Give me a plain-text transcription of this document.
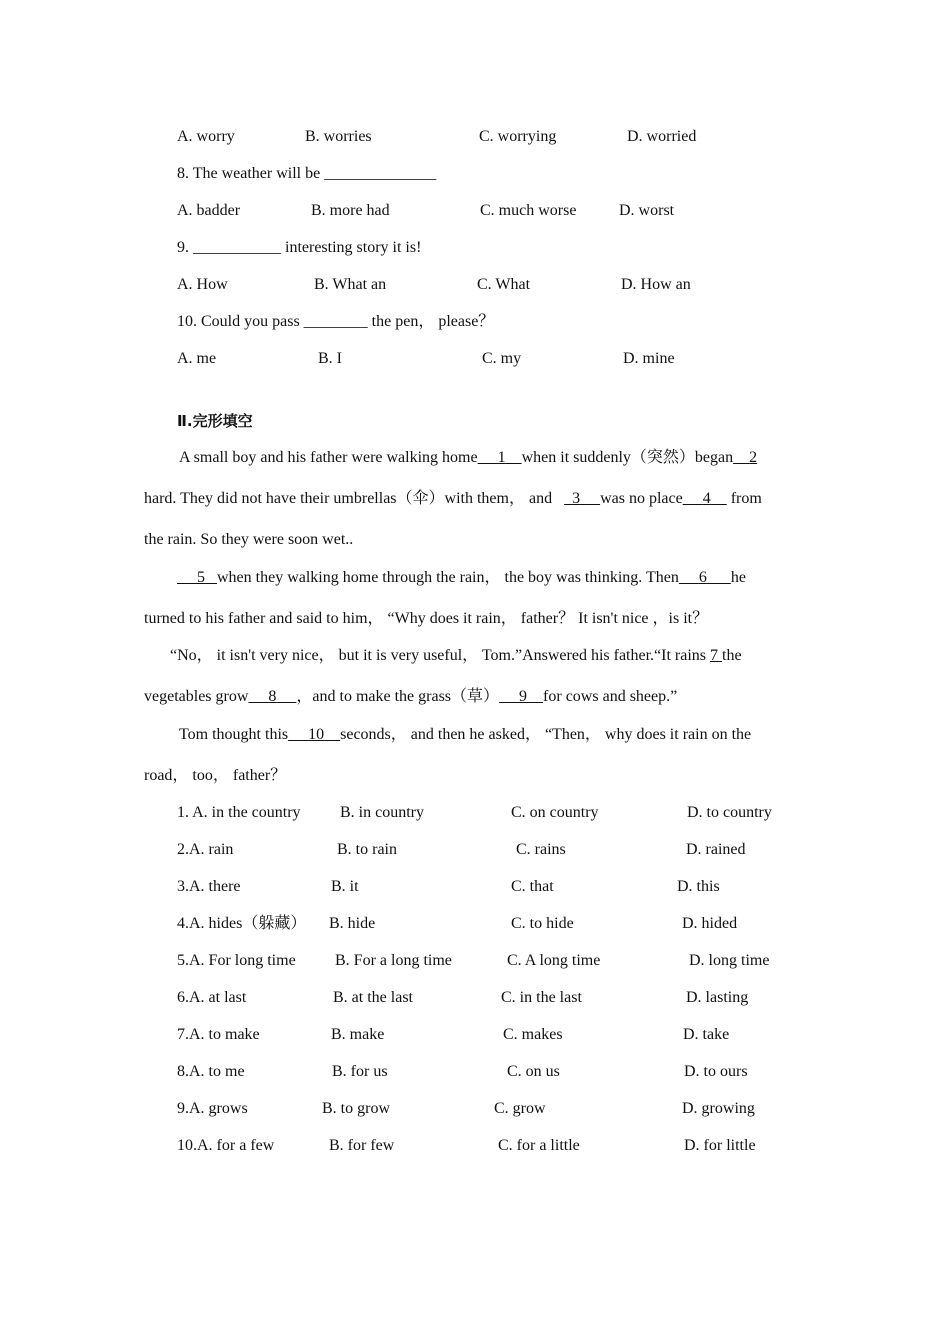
A. worry	B. worries	C. worrying	D. worried
8. The weather will be ______________
A. badder	B. more had	C. much worse	D. worst
9. ___________ interesting story it is!
A. How	B. What an	C. What	D. How an
10. Could you pass ________ the pen， please？
A. me	B. I	C. my	D. mine
Ⅱ.完形填空
A small boy and his father were walking home 1 when it suddenly（突然）began 2
hard. They did not have their umbrellas（伞）with them， and 3 was no place 4 from
the rain. So they were soon wet..
5 when they walking home through the rain， the boy was thinking. Then 6 he
turned to his father and said to him， “Why does it rain， father？ It isn't nice ，is it？
“No， it isn't very nice， but it is very useful， Tom.”Answered his father.“It rains 7 the
vegetables grow 8 ，and to make the grass（草） 9 for cows and sheep.”
Tom thought this 10 seconds， and then he asked， “Then， why does it rain on the
road， too， father？
1. A. in the country B. in country	C. on country	D. to country
2.A. rain	B. to rain	C. rains	D. rained
3.A. there	B. it	C. that	D. this
4.A. hides（躲藏） B. hide	C. to hide	D. hided
5.A. For long time B. For a long time	C. A long time	D. long time
6.A. at last	B. at the last	C. in the last	D. lasting
7.A. to make	B. make	C. makes	D. take
8.A. to me	B. for us	C. on us	D. to ours
9.A. grows	B. to grow	C. grow	D. growing
10.A. for a few	B. for few	C. for a little	D. for little
